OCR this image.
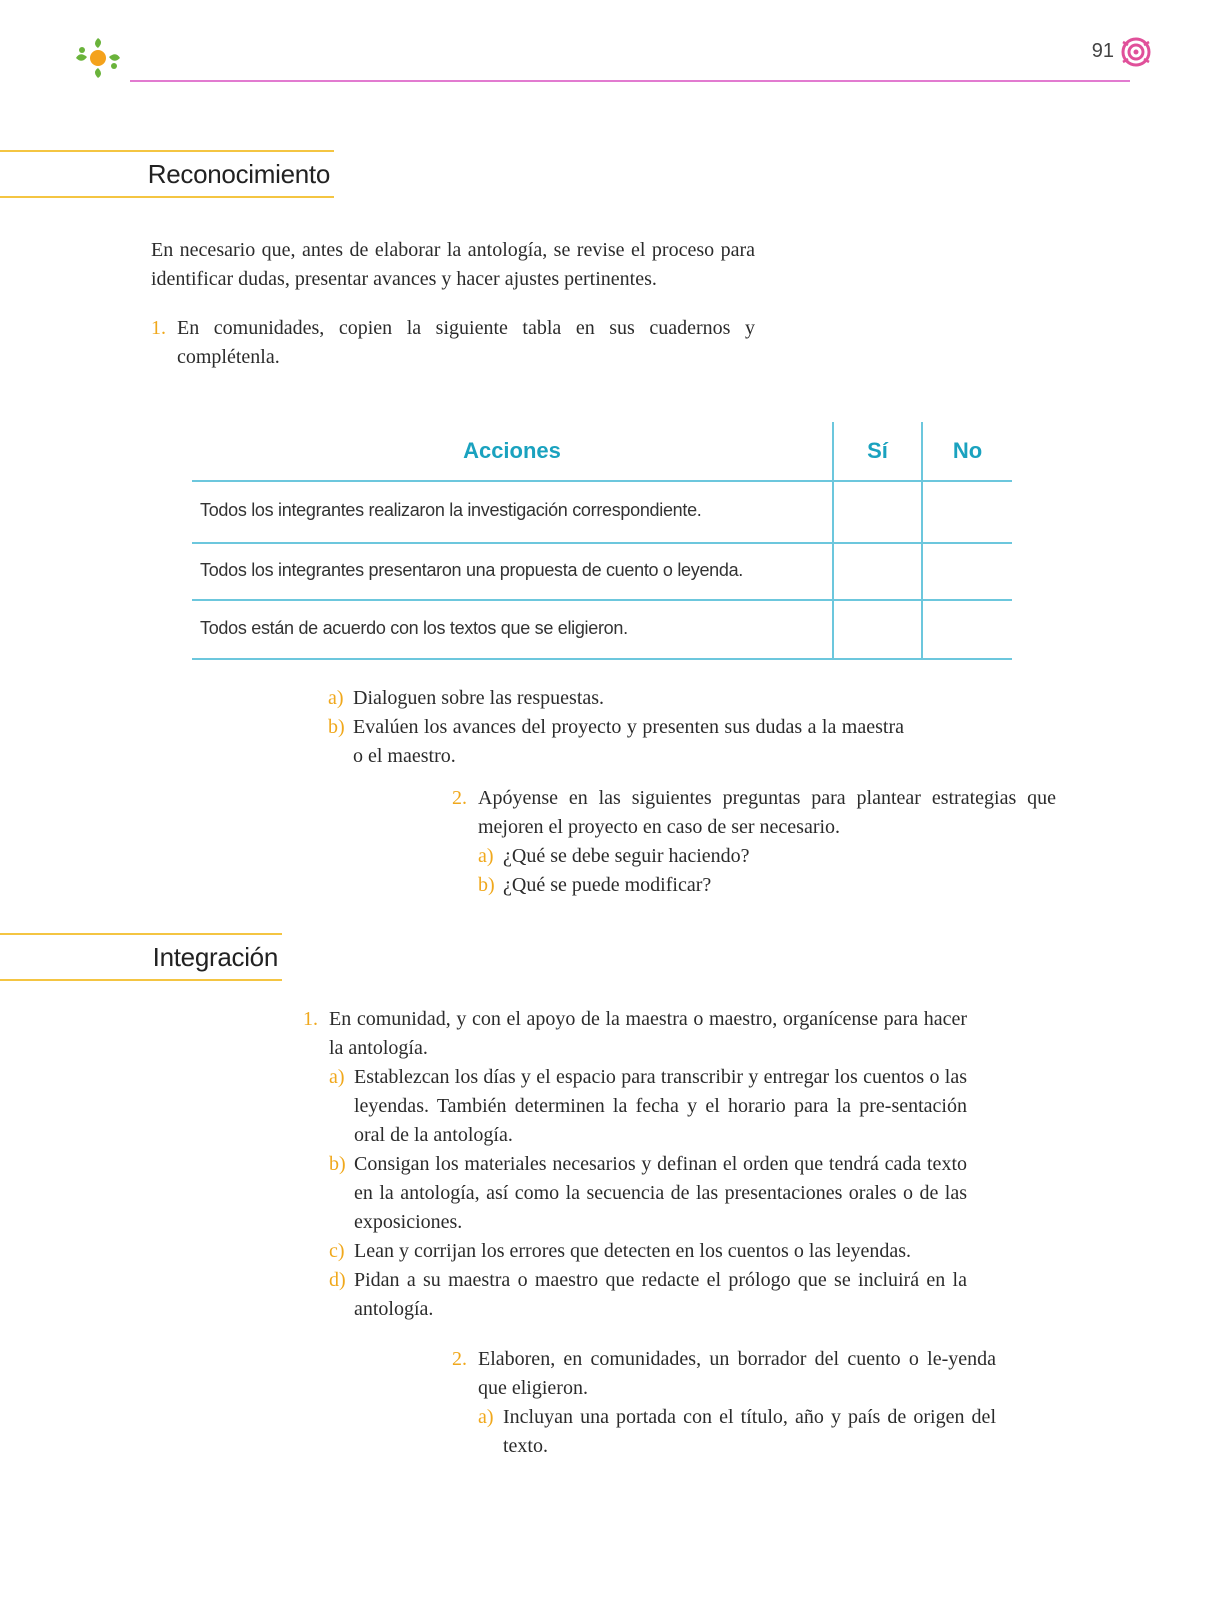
91
Reconocimiento
En necesario que, antes de elaborar la antología, se revise el proceso para identificar dudas, presentar avances y hacer ajustes pertinentes.
1. En comunidades, copien la siguiente tabla en sus cuadernos y complétenla.
Acciones	Sí	No
Todos los integrantes realizaron la investigación correspondiente.
Todos los integrantes presentaron una propuesta de cuento o leyenda.
Todos están de acuerdo con los textos que se eligieron.
a) Dialoguen sobre las respuestas.
b) Evalúen los avances del proyecto y presenten sus dudas a la maestra o el maestro.
2. Apóyense en las siguientes preguntas para plantear estrategias que mejoren el proyecto en caso de ser necesario.
a) ¿Qué se debe seguir haciendo?
b) ¿Qué se puede modificar?
Integración
1. En comunidad, y con el apoyo de la maestra o maestro, organícense para hacer la antología.
a) Establezcan los días y el espacio para transcribir y entregar los cuentos o las leyendas. También determinen la fecha y el horario para la pre-sentación oral de la antología.
b) Consigan los materiales necesarios y definan el orden que tendrá cada texto en la antología, así como la secuencia de las presentaciones orales o de las exposiciones.
c) Lean y corrijan los errores que detecten en los cuentos o las leyendas.
d) Pidan a su maestra o maestro que redacte el prólogo que se incluirá en la antología.
2. Elaboren, en comunidades, un borrador del cuento o le-yenda que eligieron.
a) Incluyan una portada con el título, año y país de origen del texto.
